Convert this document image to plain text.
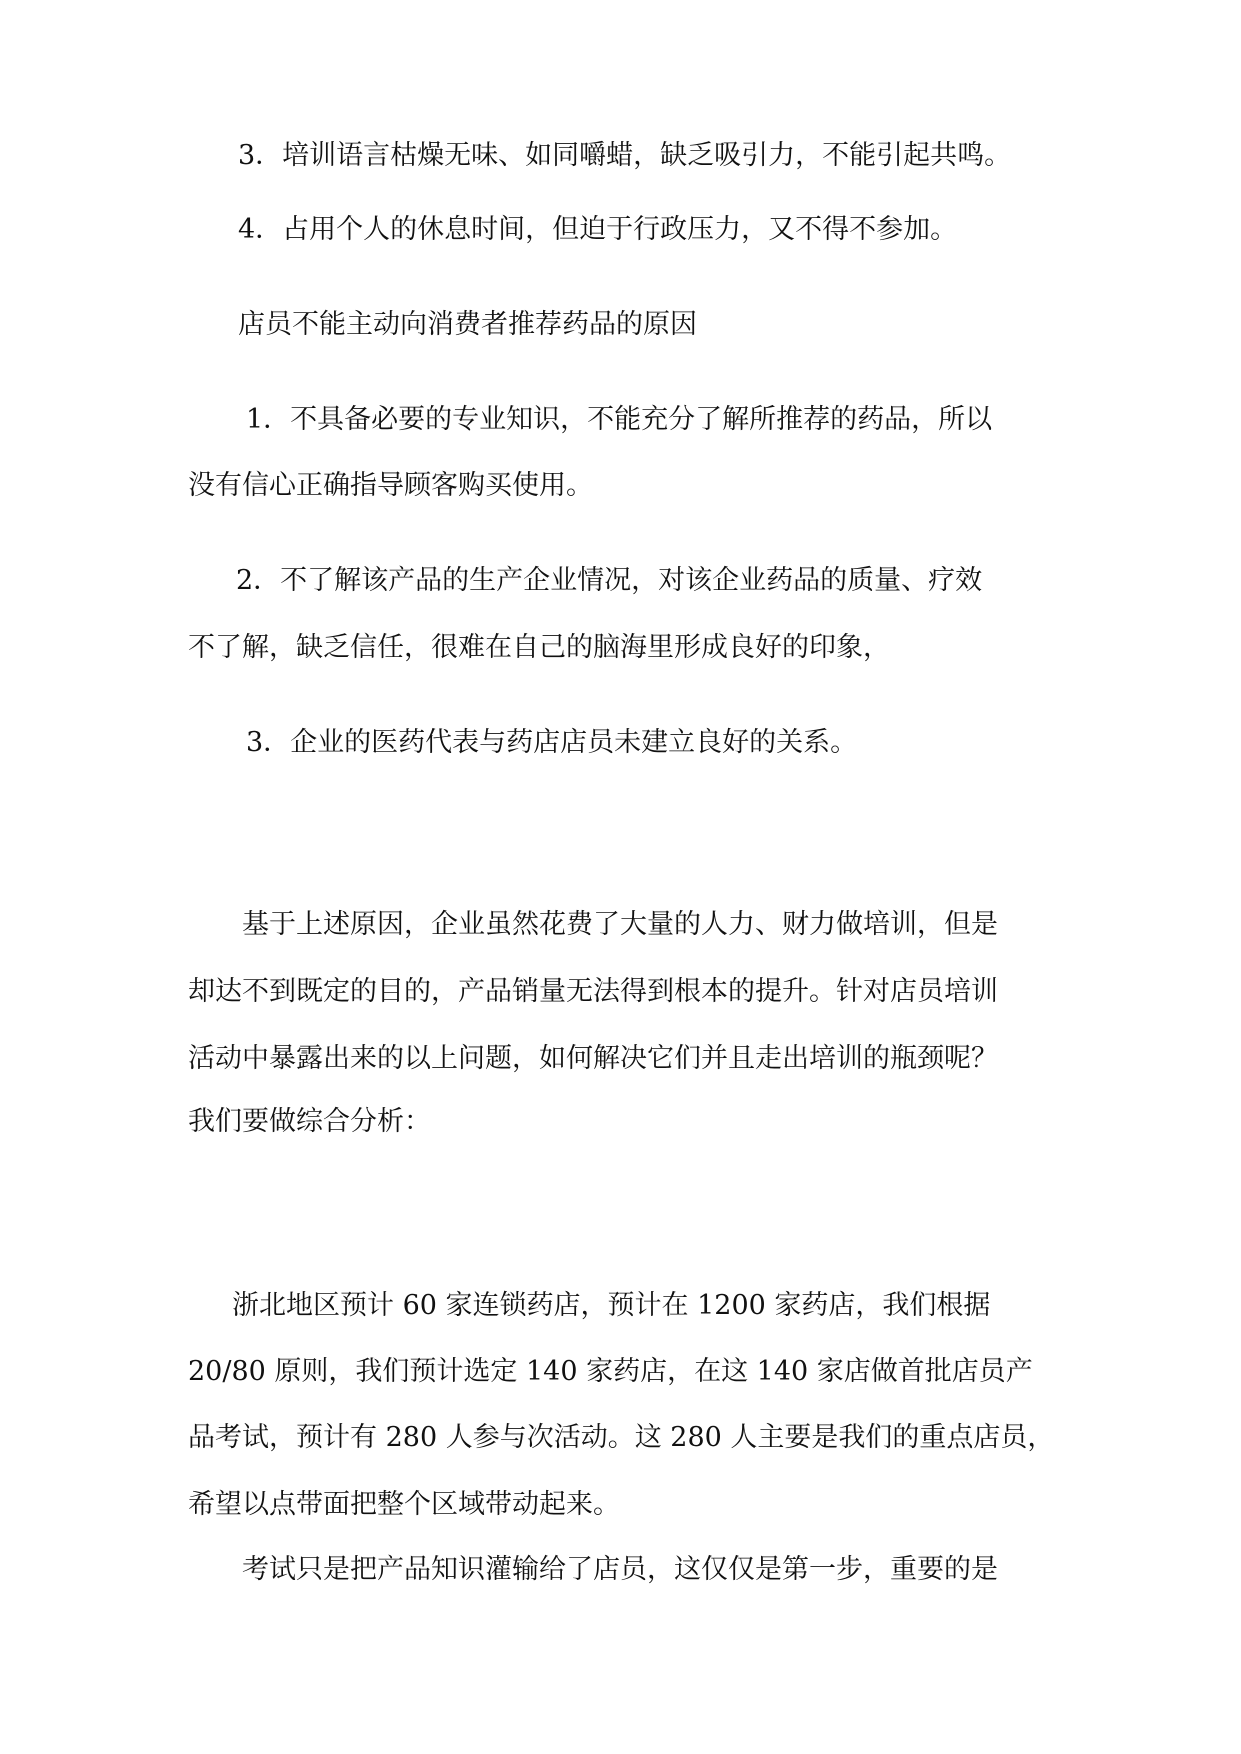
3．培训语言枯燥无味、如同嚼蜡，缺乏吸引力，不能引起共鸣。

4．占用个人的休息时间，但迫于行政压力，又不得不参加。

店员不能主动向消费者推荐药品的原因

1．不具备必要的专业知识，不能充分了解所推荐的药品，所以

没有信心正确指导顾客购买使用。

2．不了解该产品的生产企业情况，对该企业药品的质量、疗效

不了解，缺乏信任，很难在自己的脑海里形成良好的印象，

3．企业的医药代表与药店店员未建立良好的关系。

基于上述原因，企业虽然花费了大量的人力、财力做培训，但是

却达不到既定的目的，产品销量无法得到根本的提升。针对店员培训

活动中暴露出来的以上问题，如何解决它们并且走出培训的瓶颈呢？

我们要做综合分析：

浙北地区预计 60 家连锁药店，预计在 1200 家药店，我们根据

20/80 原则，我们预计选定 140 家药店，在这 140 家店做首批店员产

品考试，预计有 280 人参与次活动。这 280 人主要是我们的重点店员，

希望以点带面把整个区域带动起来。

考试只是把产品知识灌输给了店员，这仅仅是第一步，重要的是
